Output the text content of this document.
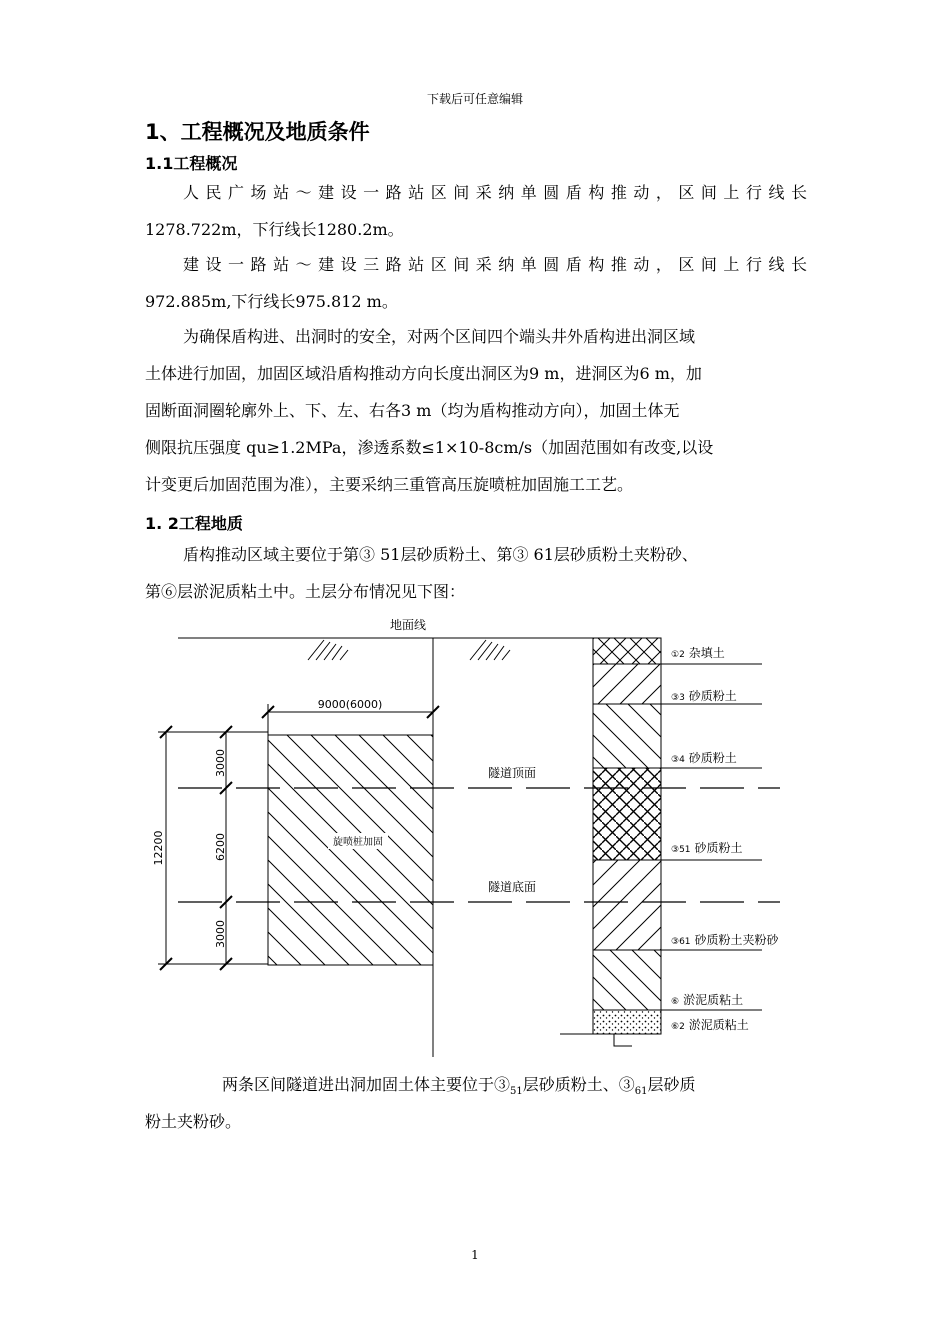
下载后可任意编辑
1、工程概况及地质条件
1.1工程概况
人民广场站～建设一路站区间采纳单圆盾构推动，区间上行线长
1278.722m，下行线长1280.2m。
建设一路站～建设三路站区间采纳单圆盾构推动，区间上行线长
972.885m,下行线长975.812 m。
为确保盾构进、出洞时的安全，对两个区间四个端头井外盾构进出洞区域
土体进行加固，加固区域沿盾构推动方向长度出洞区为9 m，进洞区为6 m，加
固断面洞圈轮廓外上、下、左、右各3 m（均为盾构推动方向），加固土体无
侧限抗压强度 qu≥1.2MPa，渗透系数≤1×10-8cm/s（加固范围如有改变,以设
计变更后加固范围为准），主要采纳三重管高压旋喷桩加固施工工艺。
1. 2工程地质
盾构推动区域主要位于第③ 51层砂质粉土、第③ 61层砂质粉土夹粉砂、
第⑥层淤泥质粘土中。土层分布情况见下图：
地面线
旋喷桩加固
9000(6000)
12200
3000
6200
3000
隧道顶面
隧道底面
①2 杂填土
③3 砂质粉土
③4 砂质粉土
③51 砂质粉土
③61 砂质粉土夹粉砂
⑥ 淤泥质粘土
⑥2 淤泥质粘土
两条区间隧道进出洞加固土体主要位于$③_{51}$层砂质粉土、$③_{61}$层砂质
粉土夹粉砂。
1
